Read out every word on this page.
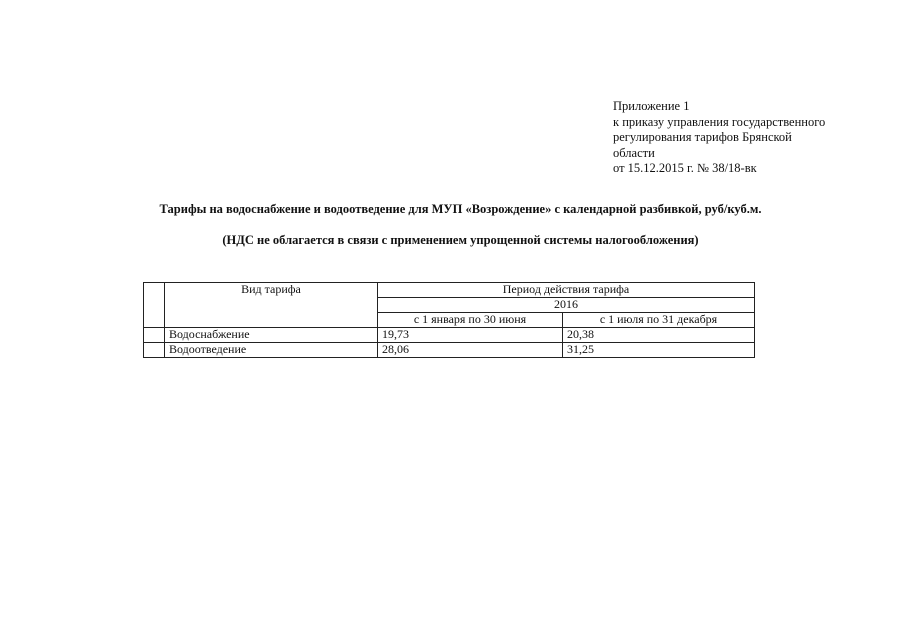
Приложение 1
к приказу управления государственного
регулирования тарифов Брянской
области
от 15.12.2015 г. № 38/18-вк
Тарифы на водоснабжение и водоотведение для МУП «Возрождение» с календарной разбивкой, руб/куб.м.
(НДС не облагается в связи с применением упрощенной системы налогообложения)
	Вид тарифа	Период действия тарифа	
		2016	
		с 1 января по 30 июня	с 1 июля по 31 декабря
	Водоснабжение	19,73	20,38
	Водоотведение	28,06	31,25
